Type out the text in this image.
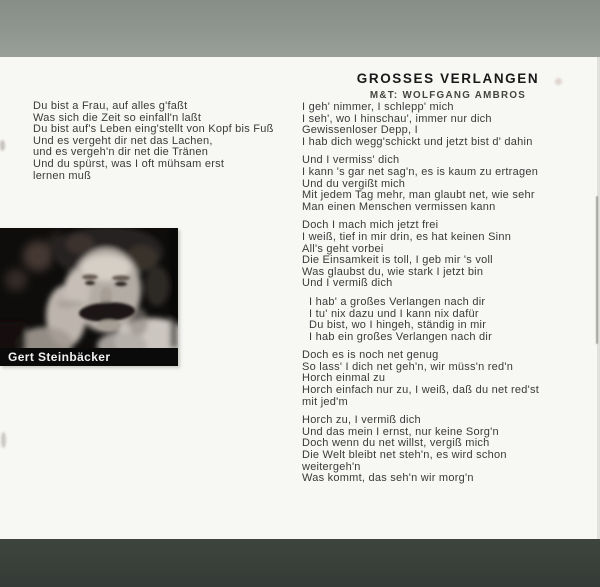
GROSSES VERLANGEN
M&T: WOLFGANG AMBROS
Du bist a Frau, auf alles g'faßt
Was sich die Zeit so einfall'n laßt
Du bist auf's Leben eing'stellt von Kopf bis Fuß
Und es vergeht dir net das Lachen,
und es vergeh'n dir net die Tränen
Und du spürst, was I oft mühsam erst
lernen muß
Gert Steinbäcker
I geh' nimmer, I schlepp' mich
I seh', wo I hinschau', immer nur dich
Gewissenloser Depp, I
I hab dich wegg'schickt und jetzt bist d' dahin
Und I vermiss' dich
I kann 's gar net sag'n, es is kaum zu ertragen
Und du vergißt mich
Mit jedem Tag mehr, man glaubt net, wie sehr
Man einen Menschen vermissen kann
Doch I mach mich jetzt frei
I weiß, tief in mir drin, es hat keinen Sinn
All's geht vorbei
Die Einsamkeit is toll, I geb mir 's voll
Was glaubst du, wie stark I jetzt bin
Und I vermiß dich
I hab' a großes Verlangen nach dir
I tu' nix dazu und I kann nix dafür
Du bist, wo I hingeh, ständig in mir
I hab ein großes Verlangen nach dir
Doch es is noch net genug
So lass' I dich net geh'n, wir müss'n red'n
Horch einmal zu
Horch einfach nur zu, I weiß, daß du net red'st
mit jed'm
Horch zu, I vermiß dich
Und das mein I ernst, nur keine Sorg'n
Doch wenn du net willst, vergiß mich
Die Welt bleibt net steh'n, es wird schon
weitergeh'n
Was kommt, das seh'n wir morg'n
